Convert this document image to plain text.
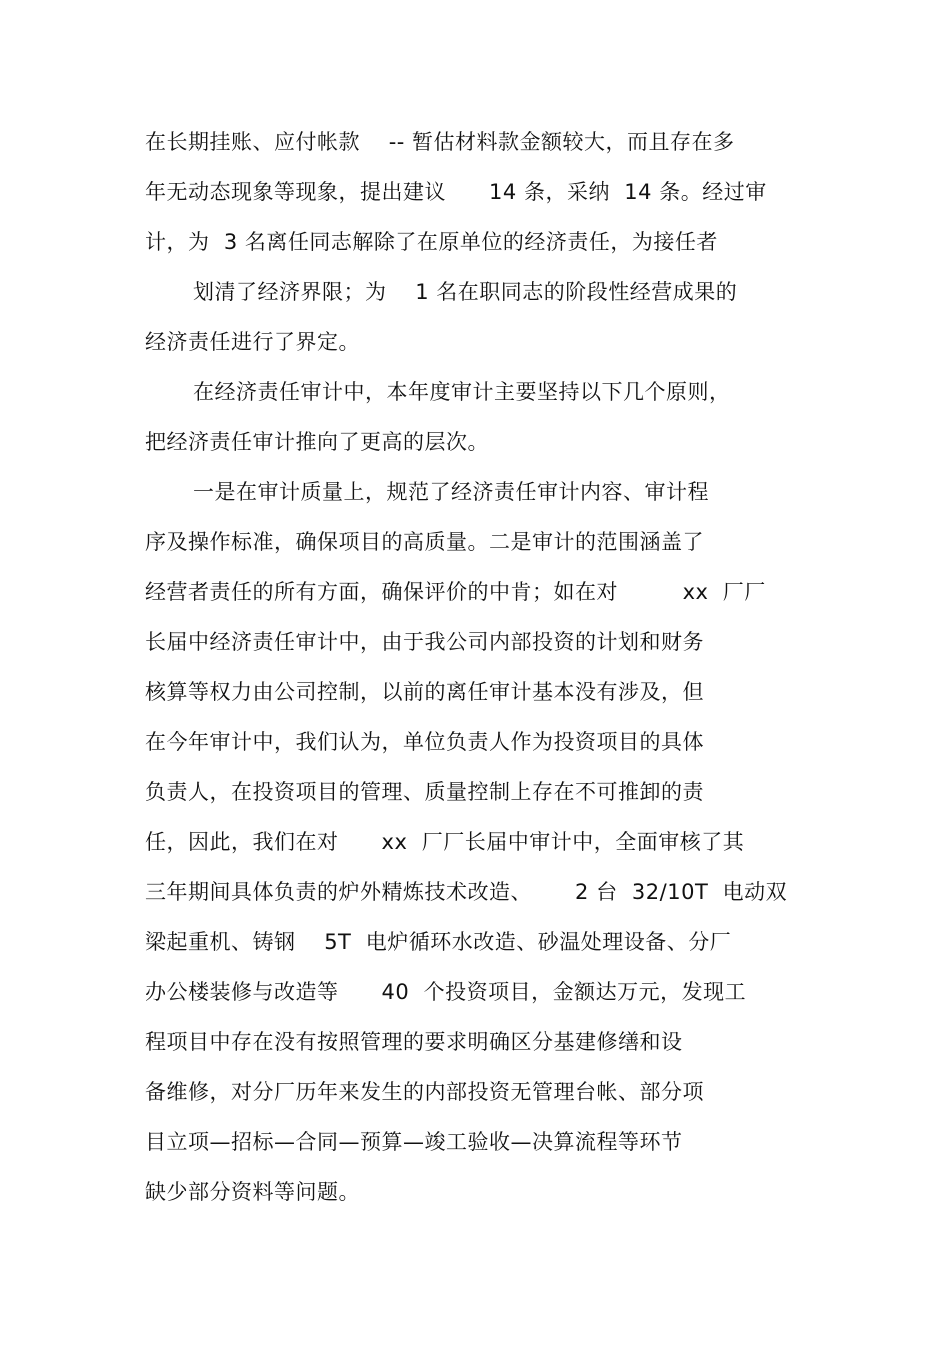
在长期挂账、应付帐款    -- 暂估材料款金额较大，而且存在多
年无动态现象等现象，提出建议      14 条，采纳  14 条。经过审
计，为  3 名离任同志解除了在原单位的经济责任，为接任者
划清了经济界限；为    1 名在职同志的阶段性经营成果的
经济责任进行了界定。
在经济责任审计中，本年度审计主要坚持以下几个原则，
把经济责任审计推向了更高的层次。
一是在审计质量上，规范了经济责任审计内容、审计程
序及操作标准，确保项目的高质量。二是审计的范围涵盖了
经营者责任的所有方面，确保评价的中肯；如在对         xx  厂厂
长届中经济责任审计中，由于我公司内部投资的计划和财务
核算等权力由公司控制，以前的离任审计基本没有涉及，但
在今年审计中，我们认为，单位负责人作为投资项目的具体
负责人，在投资项目的管理、质量控制上存在不可推卸的责
任，因此，我们在对      xx  厂厂长届中审计中，全面审核了其
三年期间具体负责的炉外精炼技术改造、      2 台  32/10T  电动双
梁起重机、铸钢    5T  电炉循环水改造、砂温处理设备、分厂
办公楼装修与改造等      40  个投资项目，金额达万元，发现工
程项目中存在没有按照管理的要求明确区分基建修缮和设
备维修，对分厂历年来发生的内部投资无管理台帐、部分项
目立项—招标—合同—预算—竣工验收—决算流程等环节
缺少部分资料等问题。
